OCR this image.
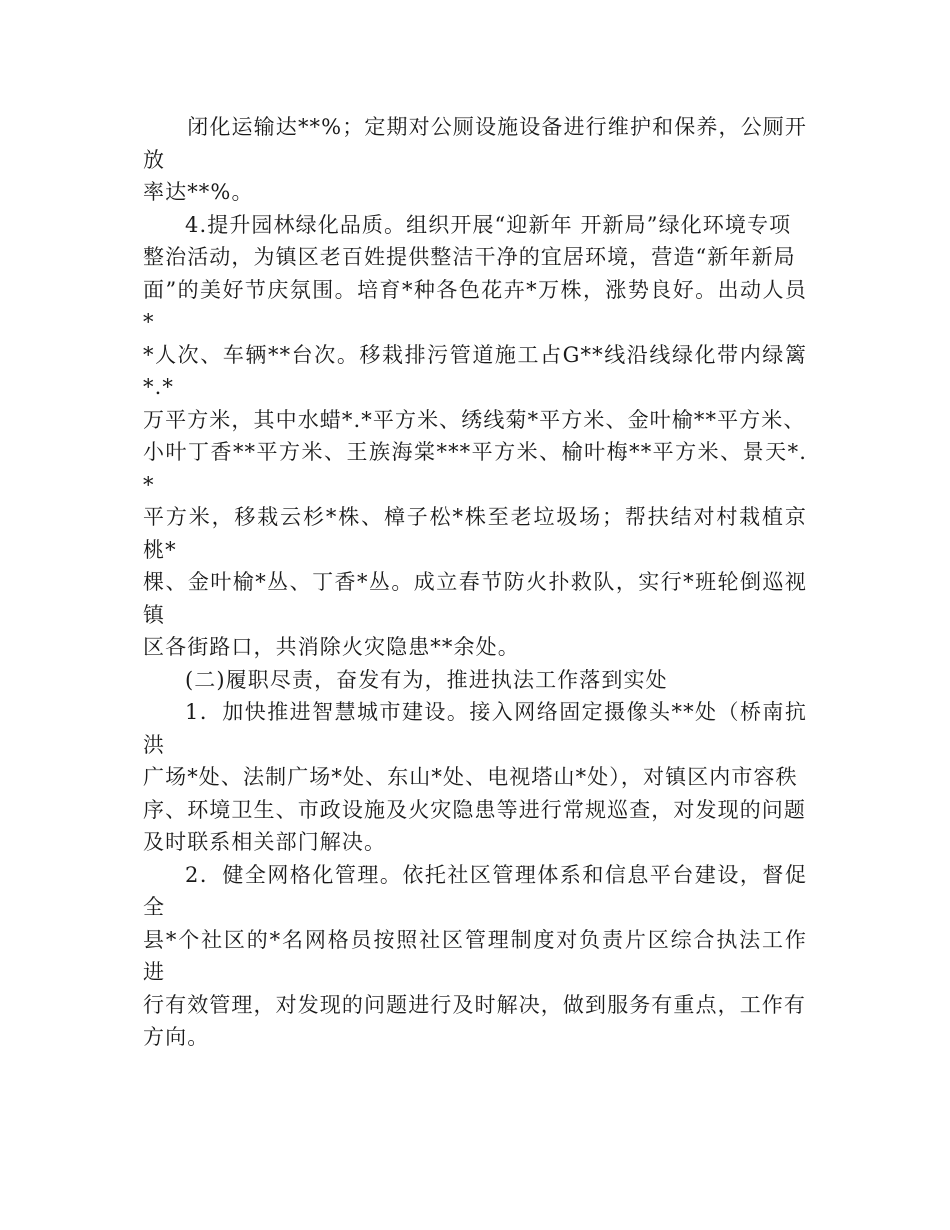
　　闭化运输达**%；定期对公厕设施设备进行维护和保养，公厕开放
率达**%。

4.提升园林绿化品质。组织开展“迎新年 开新局”绿化环境专项
整治活动，为镇区老百姓提供整洁干净的宜居环境，营造“新年新局
面”的美好节庆氛围。培育*种各色花卉*万株，涨势良好。出动人员*
*人次、车辆**台次。移栽排污管道施工占G**线沿线绿化带内绿篱*.*
万平方米，其中水蜡*.*平方米、绣线菊*平方米、金叶榆**平方米、
小叶丁香**平方米、王族海棠***平方米、榆叶梅**平方米、景天*.*
平方米，移栽云杉*株、樟子松*株至老垃圾场；帮扶结对村栽植京桃*
棵、金叶榆*丛、丁香*丛。成立春节防火扑救队，实行*班轮倒巡视镇
区各街路口，共消除火灾隐患**余处。

(二)履职尽责，奋发有为，推进执法工作落到实处

1．加快推进智慧城市建设。接入网络固定摄像头**处（桥南抗洪
广场*处、法制广场*处、东山*处、电视塔山*处），对镇区内市容秩
序、环境卫生、市政设施及火灾隐患等进行常规巡查，对发现的问题
及时联系相关部门解决。

2．健全网格化管理。依托社区管理体系和信息平台建设，督促全
县*个社区的*名网格员按照社区管理制度对负责片区综合执法工作进
行有效管理，对发现的问题进行及时解决，做到服务有重点，工作有
方向。
